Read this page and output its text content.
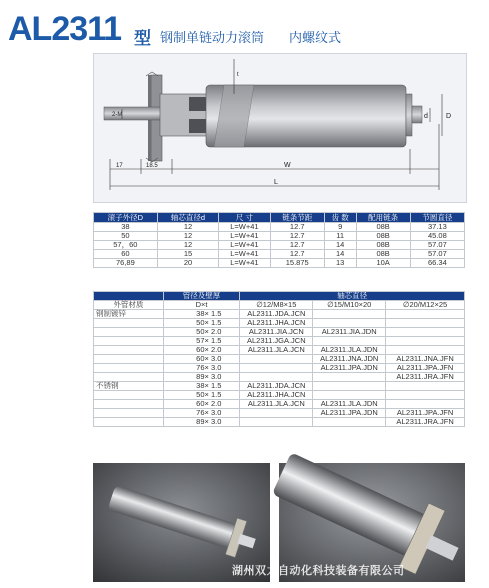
AL2311 型 钢制单链动力滚筒 内螺纹式
17	18.5	W
L
d	D
t
2-M
滚子外径D	轴芯直径d	尺 寸	链条节距	齿 数	配用链条	节圆直径
38	12	L=W+41	12.7	9	08B	37.13
50	12	L=W+41	12.7	11	08B	45.08
57，60	12	L=W+41	12.7	14	08B	57.07
60	15	L=W+41	12.7	14	08B	57.07
76,89	20	L=W+41	15.875	13	10A	66.34
	管径及壁厚	轴芯直径		
外管材质	D×t	∅12/M8×15	∅15/M10×20	∅20/M12×25
钢制镀锌	38× 1.5	AL2311.JDA.JCN		
	50× 1.5	AL2311.JHA.JCN		
	50× 2.0	AL2311.JIA.JCN	AL2311.JIA.JDN	
	57× 1.5	AL2311.JGA.JCN		
	60× 2.0	AL2311.JLA.JCN	AL2311.JLA.JDN	
	60× 3.0		AL2311.JNA.JDN	AL2311.JNA.JFN
	76× 3.0		AL2311.JPA.JDN	AL2311.JPA.JFN
	89× 3.0			AL2311.JRA.JFN
不锈钢	38× 1.5	AL2311.JDA.JCN		
	50× 1.5	AL2311.JHA.JCN		
	60× 2.0	AL2311.JLA.JCN	AL2311.JLA.JDN	
	76× 3.0		AL2311.JPA.JDN	AL2311.JPA.JFN
	89× 3.0			AL2311.JRA.JFN
湖州双力自动化科技装备有限公司
